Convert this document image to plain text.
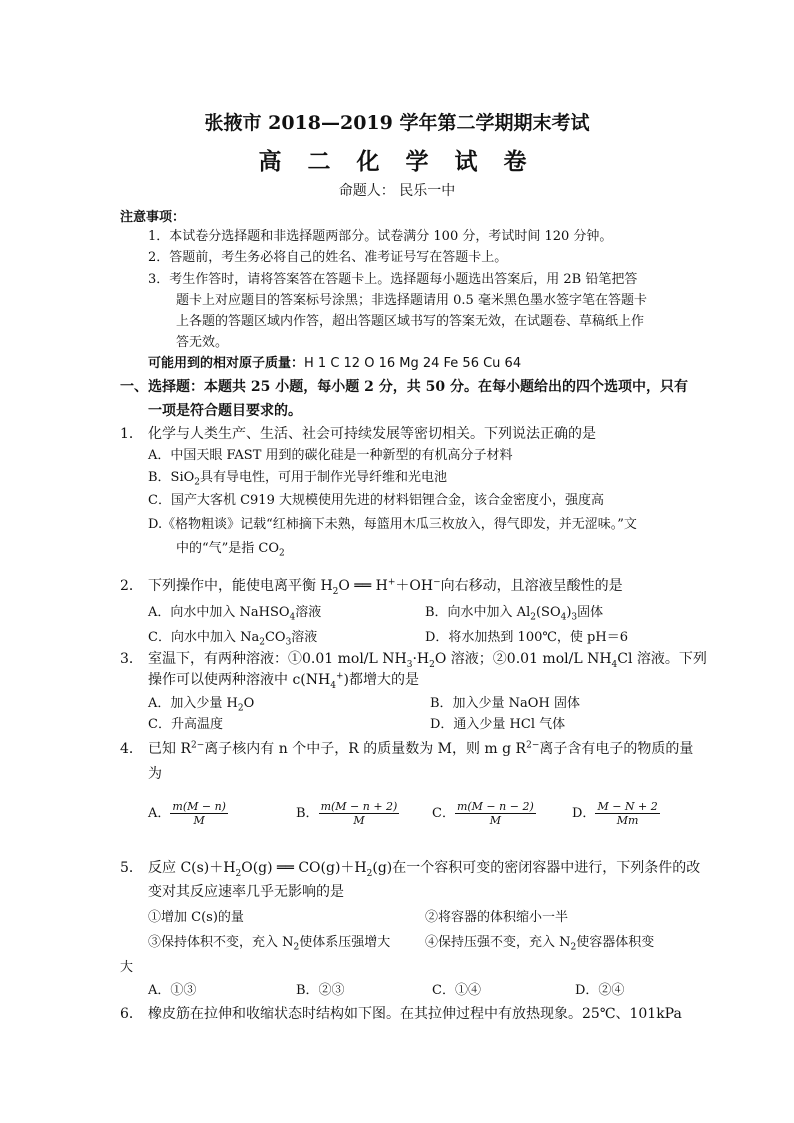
张掖市 2018—2019 学年第二学期期末考试
高 二 化 学 试 卷
命题人： 民乐一中
注意事项：
1．本试卷分选择题和非选择题两部分。试卷满分 100 分，考试时间 120 分钟。
2．答题前，考生务必将自己的姓名、准考证号写在答题卡上。
3．考生作答时，请将答案答在答题卡上。选择题每小题选出答案后，用 2B 铅笔把答
题卡上对应题目的答案标号涂黑；非选择题请用 0.5 毫米黑色墨水签字笔在答题卡
上各题的答题区域内作答，超出答题区域书写的答案无效，在试题卷、草稿纸上作
答无效。
可能用到的相对原子质量：H 1 C 12 O 16 Mg 24 Fe 56 Cu 64
一、选择题：本题共 25 小题，每小题 2 分，共 50 分。在每小题给出的四个选项中，只有
一项是符合题目要求的。
1． 化学与人类生产、生活、社会可持续发展等密切相关。下列说法正确的是
A．中国天眼 FAST 用到的碳化硅是一种新型的有机高分子材料
B．SiO$_2$具有导电性，可用于制作光导纤维和光电池
C．国产大客机 C919 大规模使用先进的材料铝锂合金，该合金密度小，强度高
D.《格物粗谈》记载“红柿摘下未熟，每篮用木瓜三枚放入，得气即发，并无涩味。”文
中的“气”是指 $CO_2$
2． 下列操作中，能使电离平衡 $H_2O$ ══ H+＋OH−向右移动，且溶液呈酸性的是
A．向水中加入 NaHSO$_4$溶液	B．向水中加入 $Al_2(SO_4)_3$固体
C．向水中加入 $Na_2CO_3$溶液	D．将水加热到 100℃，使 pH＝6
3． 室温下，有两种溶液：①0.01 mol/L $NH_3\cdot H_2O$ 溶液；②0.01 mol/L $NH_4Cl$ 溶液。下列
操作可以使两种溶液中 $c(NH_4^+)$都增大的是
A．加入少量 $H_2O$	B．加入少量 NaOH 固体
C．升高温度	D．通入少量 HCl 气体
4． 已知 $R^{2-}$离子核内有 n 个中子，R 的质量数为 M，则 m g $R^{2-}$离子含有电子的物质的量
为
A． $\frac{m(M - n)}{M}$	B． $\frac{m(M - n + 2)}{M}$	C． $\frac{m(M - n - 2)}{M}$	D． $\frac{M - N + 2}{Mm}$
5． 反应 $C(s)+H_2O(g)$ ══ $CO(g)+H_2(g)$在一个容积可变的密闭容器中进行，下列条件的改
变对其反应速率几乎无影响的是
①增加 C(s)的量	②将容器的体积缩小一半
③保持体积不变，充入 $N_2$使体系压强增大	④保持压强不变，充入 $N_2$使容器体积变
大
A．①③	B．②③	C．①④	D．②④
6． 橡皮筋在拉伸和收缩状态时结构如下图。在其拉伸过程中有放热现象。25℃、101kPa
